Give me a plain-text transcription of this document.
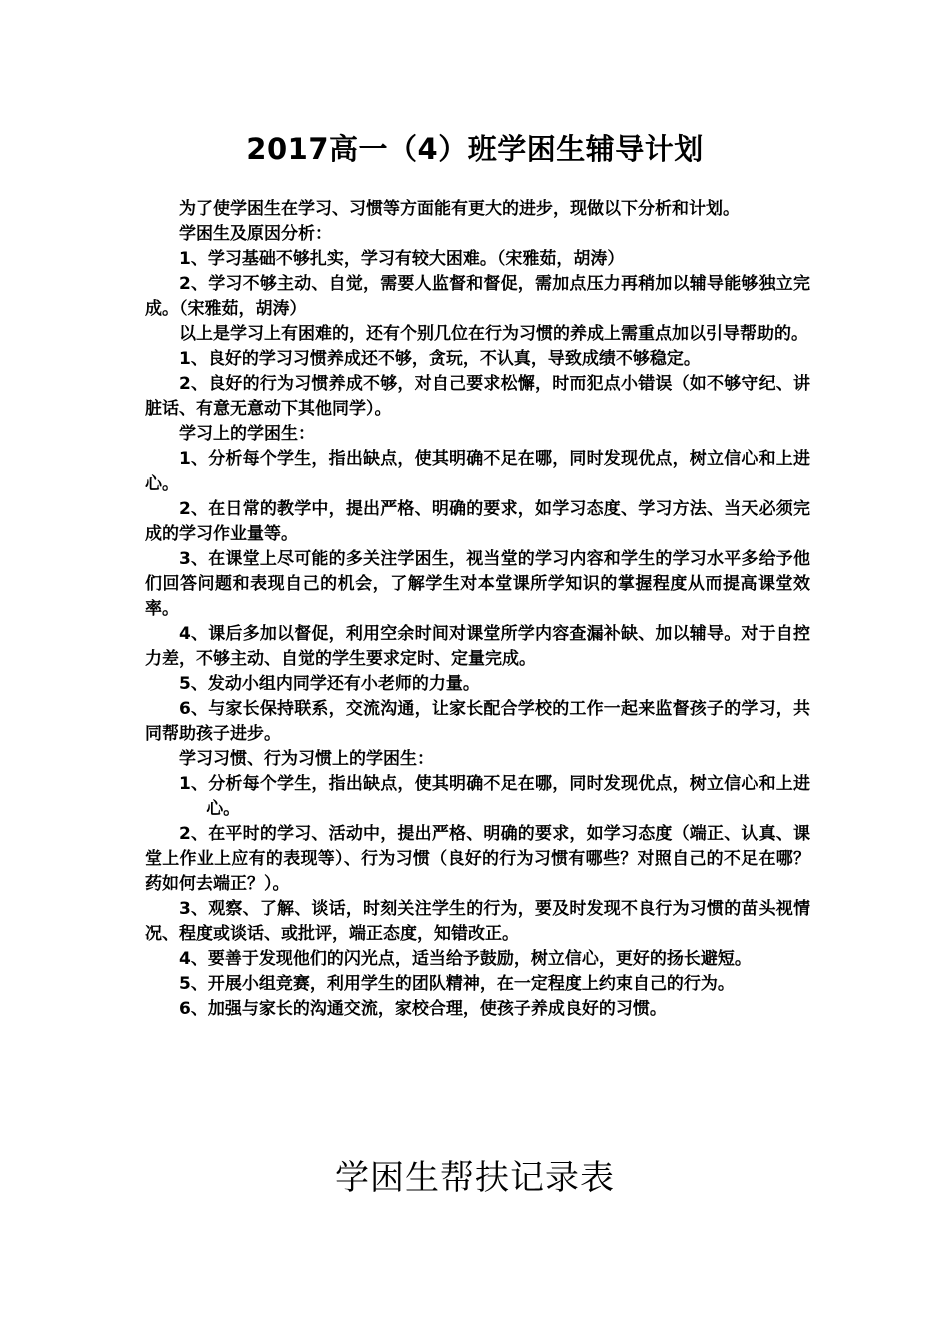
2017高一（4）班学困生辅导计划

为了使学困生在学习、习惯等方面能有更大的进步，现做以下分析和计划。

学困生及原因分析：

1、学习基础不够扎实，学习有较大困难。（宋雅茹，胡涛）

2、学习不够主动、自觉，需要人监督和督促，需加点压力再稍加以辅导能够独立完成。（宋雅茹，胡涛）

以上是学习上有困难的，还有个别几位在行为习惯的养成上需重点加以引导帮助的。

1、良好的学习习惯养成还不够，贪玩，不认真，导致成绩不够稳定。

2、良好的行为习惯养成不够，对自己要求松懈，时而犯点小错误（如不够守纪、讲脏话、有意无意动下其他同学）。

学习上的学困生：

1、分析每个学生，指出缺点，使其明确不足在哪，同时发现优点，树立信心和上进心。

2、在日常的教学中，提出严格、明确的要求，如学习态度、学习方法、当天必须完成的学习作业量等。

3、在课堂上尽可能的多关注学困生，视当堂的学习内容和学生的学习水平多给予他们回答问题和表现自己的机会，了解学生对本堂课所学知识的掌握程度从而提高课堂效率。

4、课后多加以督促，利用空余时间对课堂所学内容查漏补缺、加以辅导。对于自控力差，不够主动、自觉的学生要求定时、定量完成。

5、发动小组内同学还有小老师的力量。

6、与家长保持联系，交流沟通，让家长配合学校的工作一起来监督孩子的学习，共同帮助孩子进步。

学习习惯、行为习惯上的学困生：

1、分析每个学生，指出缺点，使其明确不足在哪，同时发现优点，树立信心和上进心。

2、在平时的学习、活动中，提出严格、明确的要求，如学习态度（端正、认真、课堂上作业上应有的表现等）、行为习惯（良好的行为习惯有哪些？对照自己的不足在哪？药如何去端正？）。

3、观察、了解、谈话，时刻关注学生的行为，要及时发现不良行为习惯的苗头视情况、程度或谈话、或批评，端正态度，知错改正。

4、要善于发现他们的闪光点，适当给予鼓励，树立信心，更好的扬长避短。

5、开展小组竞赛，利用学生的团队精神，在一定程度上约束自己的行为。

6、加强与家长的沟通交流，家校合理，使孩子养成良好的习惯。

学困生帮扶记录表
